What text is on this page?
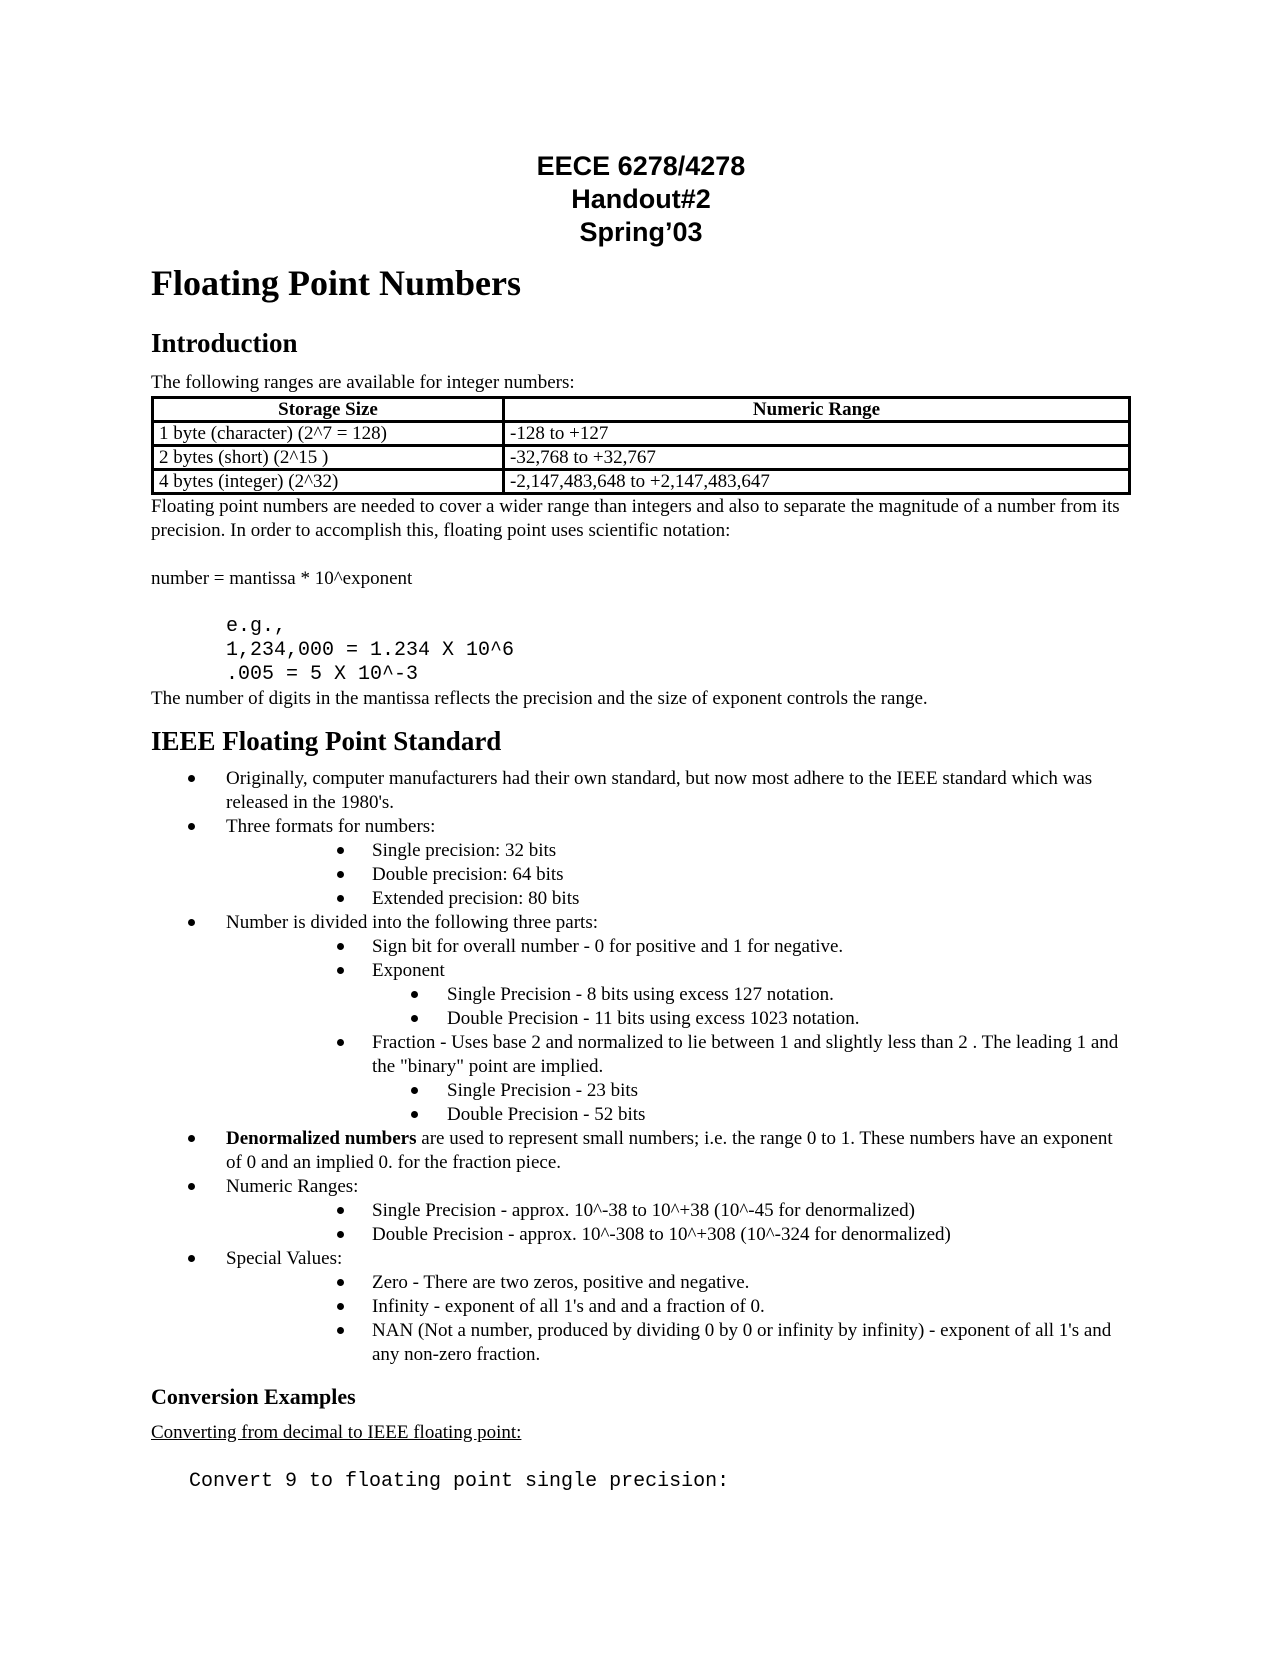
EECE 6278/4278
Handout#2
Spring’03
Floating Point Numbers
Introduction

The following ranges are available for integer numbers:

Storage Size	Numeric Range
1 byte (character) (2^7 = 128)	-128 to +127
2 bytes (short) (2^15 )	-32,768 to +32,767
4 bytes (integer) (2^32)	-2,147,483,648 to +2,147,483,647

Floating point numbers are needed to cover a wider range than integers and also to separate the magnitude of a number from its precision. In order to accomplish this, floating point uses scientific notation:

number = mantissa * 10^exponent

e.g.,
1,234,000 = 1.234 X 10^6
.005 = 5 X 10^-3

The number of digits in the mantissa reflects the precision and the size of exponent controls the range.

IEEE Floating Point Standard
Originally, computer manufacturers had their own standard, but now most adhere to the IEEE standard which was released in the 1980's.
Three formats for numbers:
Single precision: 32 bits
Double precision: 64 bits
Extended precision: 80 bits
Number is divided into the following three parts:
Sign bit for overall number - 0 for positive and 1 for negative.
Exponent
Single Precision - 8 bits using excess 127 notation.
Double Precision - 11 bits using excess 1023 notation.
Fraction - Uses base 2 and normalized to lie between 1 and slightly less than 2 . The leading 1 and the "binary" point are implied.
Single Precision - 23 bits
Double Precision - 52 bits
Denormalized numbers are used to represent small numbers; i.e. the range 0 to 1. These numbers have an exponent of 0 and an implied 0. for the fraction piece.
Numeric Ranges:
Single Precision - approx. 10^-38 to 10^+38 (10^-45 for denormalized)
Double Precision - approx. 10^-308 to 10^+308 (10^-324 for denormalized)
Special Values:
Zero - There are two zeros, positive and negative.
Infinity - exponent of all 1's and and a fraction of 0.
NAN (Not a number, produced by dividing 0 by 0 or infinity by infinity) - exponent of all 1's and any non-zero fraction.
Conversion Examples

Converting from decimal to IEEE floating point:

Convert 9 to floating point single precision:
